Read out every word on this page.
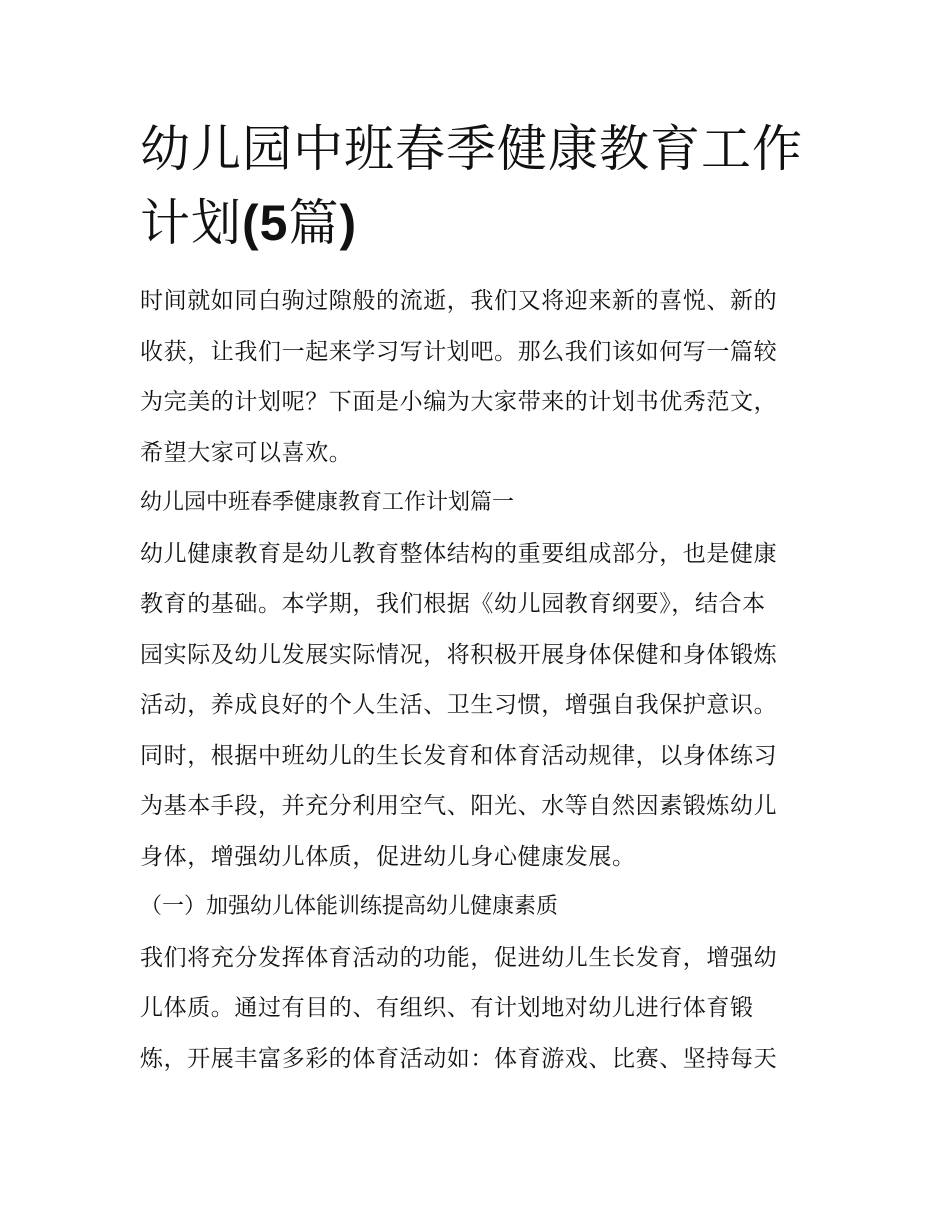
幼儿园中班春季健康教育工作
计划(5篇)

时间就如同白驹过隙般的流逝，我们又将迎来新的喜悦、新的
收获，让我们一起来学习写计划吧。那么我们该如何写一篇较
为完美的计划呢？下面是小编为大家带来的计划书优秀范文，
希望大家可以喜欢。

幼儿园中班春季健康教育工作计划篇一

幼儿健康教育是幼儿教育整体结构的重要组成部分，也是健康
教育的基础。本学期，我们根据《幼儿园教育纲要》，结合本
园实际及幼儿发展实际情况，将积极开展身体保健和身体锻炼
活动，养成良好的个人生活、卫生习惯，增强自我保护意识。
同时，根据中班幼儿的生长发育和体育活动规律，以身体练习
为基本手段，并充分利用空气、阳光、水等自然因素锻炼幼儿
身体，增强幼儿体质，促进幼儿身心健康发展。

（一）加强幼儿体能训练提高幼儿健康素质

我们将充分发挥体育活动的功能，促进幼儿生长发育，增强幼
儿体质。通过有目的、有组织、有计划地对幼儿进行体育锻
炼，开展丰富多彩的体育活动如：体育游戏、比赛、坚持每天
